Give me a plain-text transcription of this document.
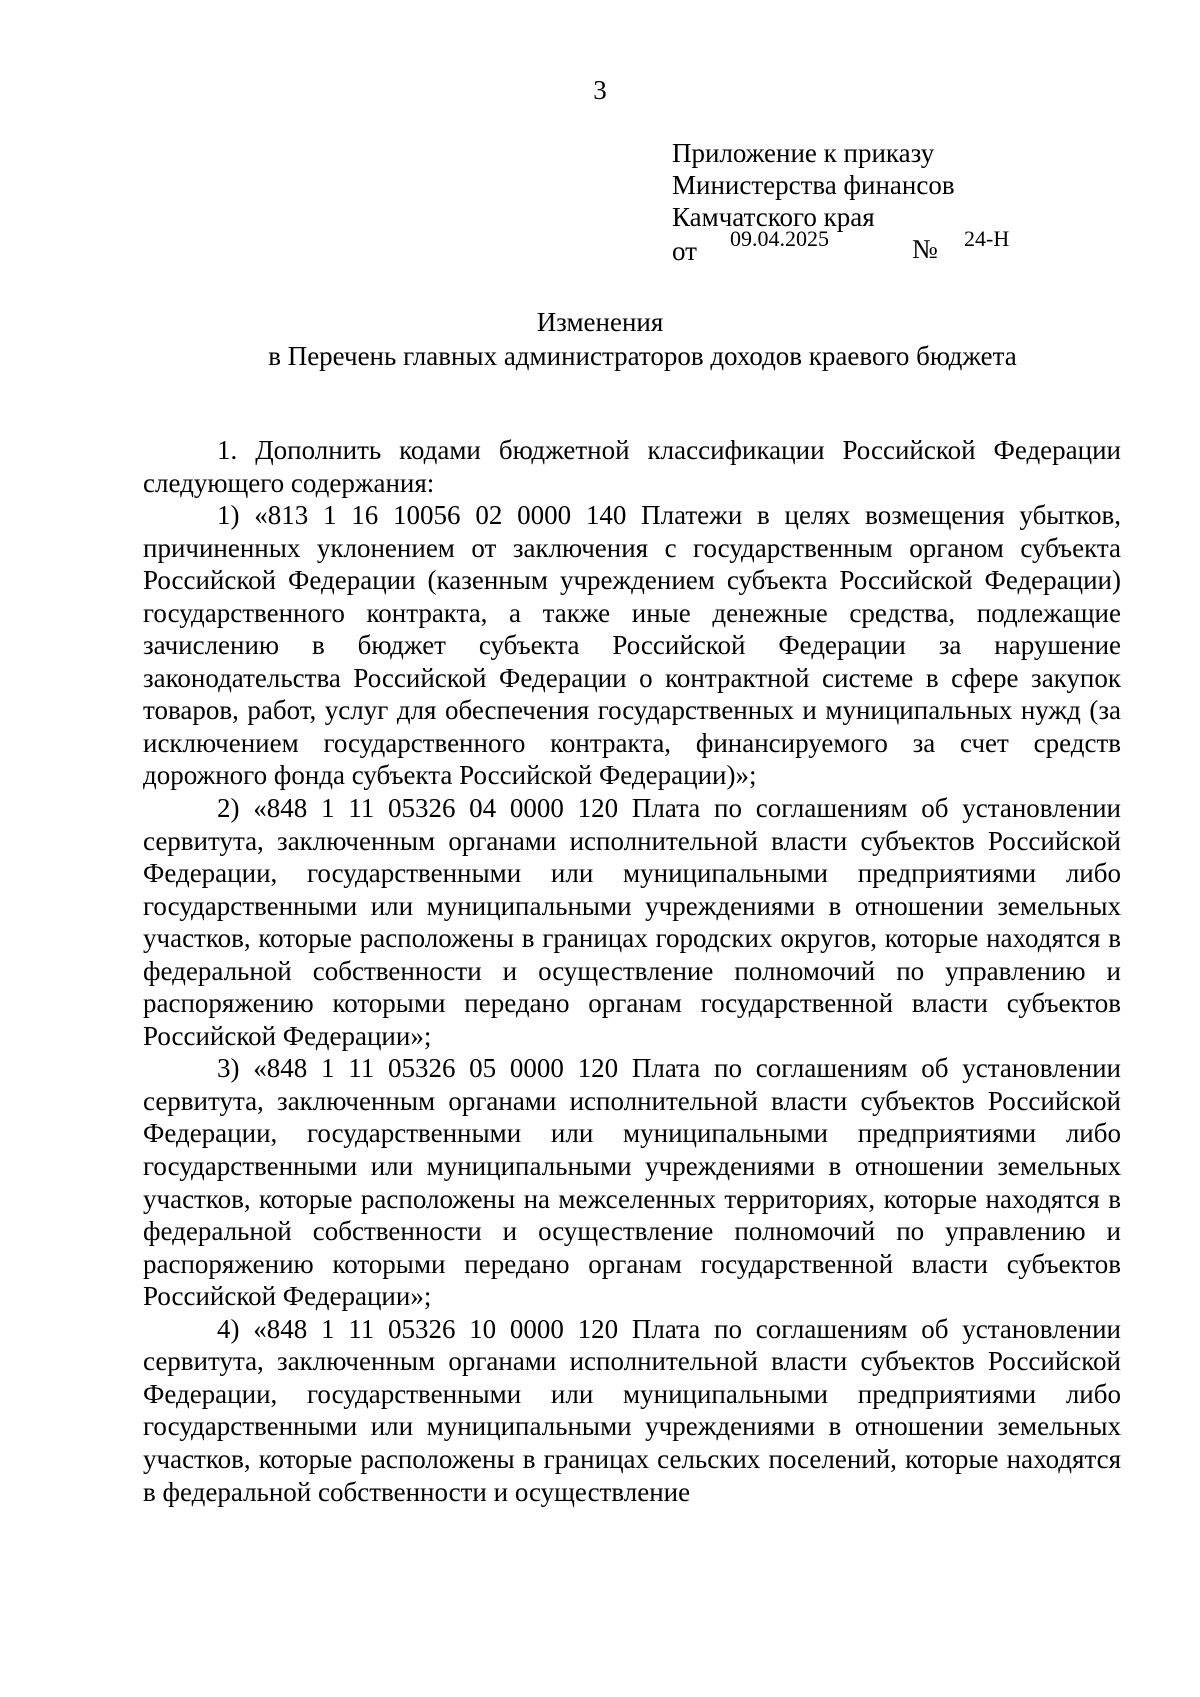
3
Приложение к приказу
Министерства финансов
Камчатского края
от 09.04.2025	№ 24-Н
Изменения
в Перечень главных администраторов доходов краевого бюджета

1. Дополнить кодами бюджетной классификации Российской Федерации следующего содержания:

1) «813 1 16 10056 02 0000 140 Платежи в целях возмещения убытков, причиненных уклонением от заключения с государственным органом субъекта Российской Федерации (казенным учреждением субъекта Российской Федерации) государственного контракта, а также иные денежные средства, подлежащие зачислению в бюджет субъекта Российской Федерации за нарушение законодательства Российской Федерации о контрактной системе в сфере закупок товаров, работ, услуг для обеспечения государственных и муниципальных нужд (за исключением государственного контракта, финансируемого за счет средств дорожного фонда субъекта Российской Федерации)»;

2) «848 1 11 05326 04 0000 120 Плата по соглашениям об установлении сервитута, заключенным органами исполнительной власти субъектов Российской Федерации, государственными или муниципальными предприятиями либо государственными или муниципальными учреждениями в отношении земельных участков, которые расположены в границах городских округов, которые находятся в федеральной собственности и осуществление полномочий по управлению и распоряжению которыми передано органам государственной власти субъектов Российской Федерации»;

3) «848 1 11 05326 05 0000 120 Плата по соглашениям об установлении сервитута, заключенным органами исполнительной власти субъектов Российской Федерации, государственными или муниципальными предприятиями либо государственными или муниципальными учреждениями в отношении земельных участков, которые расположены на межселенных территориях, которые находятся в федеральной собственности и осуществление полномочий по управлению и распоряжению которыми передано органам государственной власти субъектов Российской Федерации»;

4) «848 1 11 05326 10 0000 120 Плата по соглашениям об установлении сервитута, заключенным органами исполнительной власти субъектов Российской Федерации, государственными или муниципальными предприятиями либо государственными или муниципальными учреждениями в отношении земельных участков, которые расположены в границах сельских поселений, которые находятся в федеральной собственности и осуществление
